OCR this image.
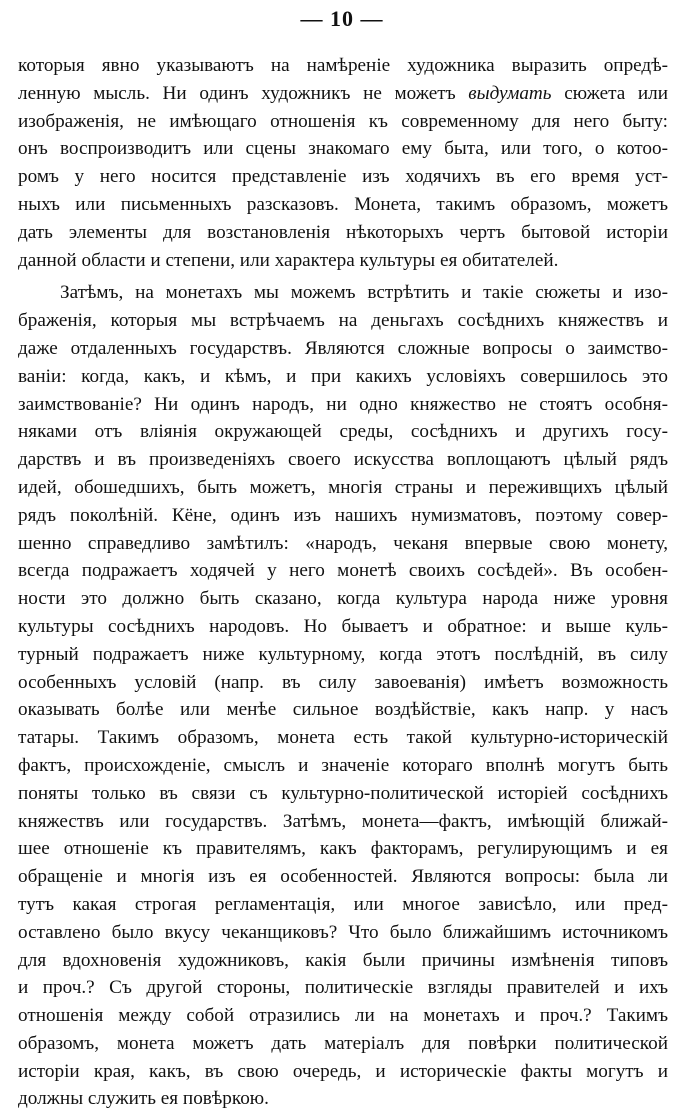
— 10 —
которыя явно указываютъ на намѣреніе художника выразить опредѣ-
ленную мысль. Ни одинъ художникъ не можетъ выдумать сюжета или
изображенія, не имѣющаго отношенія къ современному для него быту:
онъ воспроизводитъ или сцены знакомаго ему быта, или того, о котоо-
ромъ у него носится представленіе изъ ходячихъ въ его время уст-
ныхъ или письменныхъ разсказовъ. Монета, такимъ образомъ, можетъ
дать элементы для возстановленія нѣкоторыхъ чертъ бытовой исторіи
данной области и степени, или характера культуры ея обитателей.
Затѣмъ, на монетахъ мы можемъ встрѣтить и такіе сюжеты и изо-
браженія, которыя мы встрѣчаемъ на деньгахъ сосѣднихъ княжествъ и
даже отдаленныхъ государствъ. Являются сложные вопросы о заимство-
ваніи: когда, какъ, и кѣмъ, и при какихъ условіяхъ совершилось это
заимствованіе? Ни одинъ народъ, ни одно княжество не стоятъ особня-
няками отъ вліянія окружающей среды, сосѣднихъ и другихъ госу-
дарствъ и въ произведеніяхъ своего искусства воплощаютъ цѣлый рядъ
идей, обошедшихъ, быть можетъ, многія страны и переживщихъ цѣлый
рядъ поколѣній. Кёне, одинъ изъ нашихъ нумизматовъ, поэтому совер-
шенно справедливо замѣтилъ: «народъ, чеканя впервые свою монету,
всегда подражаетъ ходячей у него монетѣ своихъ сосѣдей». Въ особен-
ности это должно быть сказано, когда культура народа ниже уровня
культуры сосѣднихъ народовъ. Но бываетъ и обратное: и выше куль-
турный подражаетъ ниже культурному, когда этотъ послѣдній, въ силу
особенныхъ условій (напр. въ силу завоеванія) имѣетъ возможность
оказывать болѣе или менѣе сильное воздѣйствіе, какъ напр. у насъ
татары. Такимъ образомъ, монета есть такой культурно-историческій
фактъ, происхожденіе, смыслъ и значеніе котораго вполнѣ могутъ быть
поняты только въ связи съ культурно-политической исторіей сосѣднихъ
княжествъ или государствъ. Затѣмъ, монета—фактъ, имѣющій ближай-
шее отношеніе къ правителямъ, какъ факторамъ, регулирующимъ и ея
обращеніе и многія изъ ея особенностей. Являются вопросы: была ли
тутъ какая строгая регламентація, или многое зависѣло, или пред-
оставлено было вкусу чеканщиковъ? Что было ближайшимъ источникомъ
для вдохновенія художниковъ, какія были причины измѣненія типовъ
и проч.? Съ другой стороны, политическіе взгляды правителей и ихъ
отношенія между собой отразились ли на монетахъ и проч.? Такимъ
образомъ, монета можетъ дать матеріалъ для повѣрки политической
исторіи края, какъ, въ свою очередь, и историческіе факты могутъ и
должны служить ея повѣркою.
